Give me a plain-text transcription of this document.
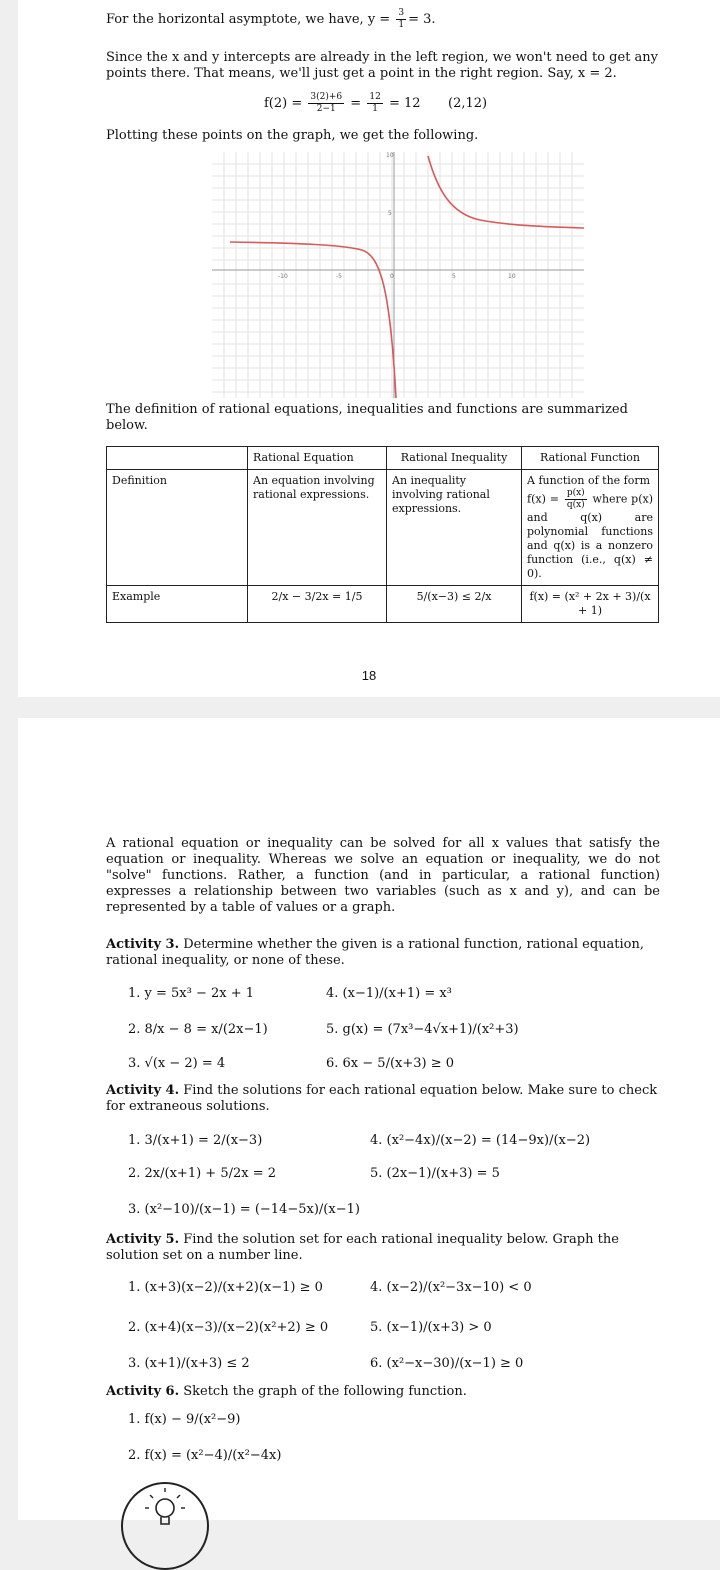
For the horizontal asymptote, we have, $y = \frac{3}{1} = 3$.
Since the x and y intercepts are already in the left region, we won't need to get any points there. That means, we'll just get a point in the right region. Say, x = 2.
$f(2) = \frac{3(2)+6}{2-1} = \frac{12}{1} = 12$ (2,12)
Plotting these points on the graph, we get the following.
10
5
-10	-5	0	5	10
The definition of rational equations, inequalities and functions are summarized below.
	Rational Equation	Rational Inequality	Rational Function
Definition	An equation involving rational expressions.	An inequality involving rational expressions.	A function of the form
$f(x) = \frac{p(x)}{q(x)}$ where p(x) and q(x) are polynomial functions and q(x) is a nonzero function (i.e., q(x) ≠ 0).
Example	2/x − 3/2x = 1/5	5/(x−3) ≤ 2/x	f(x) = (x² + 2x + 3)/(x + 1)
18
A rational equation or inequality can be solved for all x values that satisfy the equation or inequality. Whereas we solve an equation or inequality, we do not "solve" functions. Rather, a function (and in particular, a rational function) expresses a relationship between two variables (such as x and y), and can be represented by a table of values or a graph.
Activity 3. Determine whether the given is a rational function, rational equation, rational inequality, or none of these.
1. y = 5x³ − 2x + 1	4. (x−1)/(x+1) = x³
2. 8/x − 8 = x/(2x−1)	5. g(x) = (7x³−4√x+1)/(x²+3)
3. √(x − 2) = 4	6. 6x − 5/(x+3) ≥ 0
Activity 4. Find the solutions for each rational equation below. Make sure to check for extraneous solutions.
1. 3/(x+1) = 2/(x−3)	4. (x²−4x)/(x−2) = (14−9x)/(x−2)
2. 2x/(x+1) + 5/2x = 2	5. (2x−1)/(x+3) = 5
3. (x²−10)/(x−1) = (−14−5x)/(x−1)
Activity 5. Find the solution set for each rational inequality below. Graph the solution set on a number line.
1. (x+3)(x−2)/(x+2)(x−1) ≥ 0	4. (x−2)/(x²−3x−10) < 0
2. (x+4)(x−3)/(x−2)(x²+2) ≥ 0	5. (x−1)/(x+3) > 0
3. (x+1)/(x+3) ≤ 2	6. (x²−x−30)/(x−1) ≥ 0
Activity 6. Sketch the graph of the following function.
1. f(x) − 9/(x²−9)
2. f(x) = (x²−4)/(x²−4x)
